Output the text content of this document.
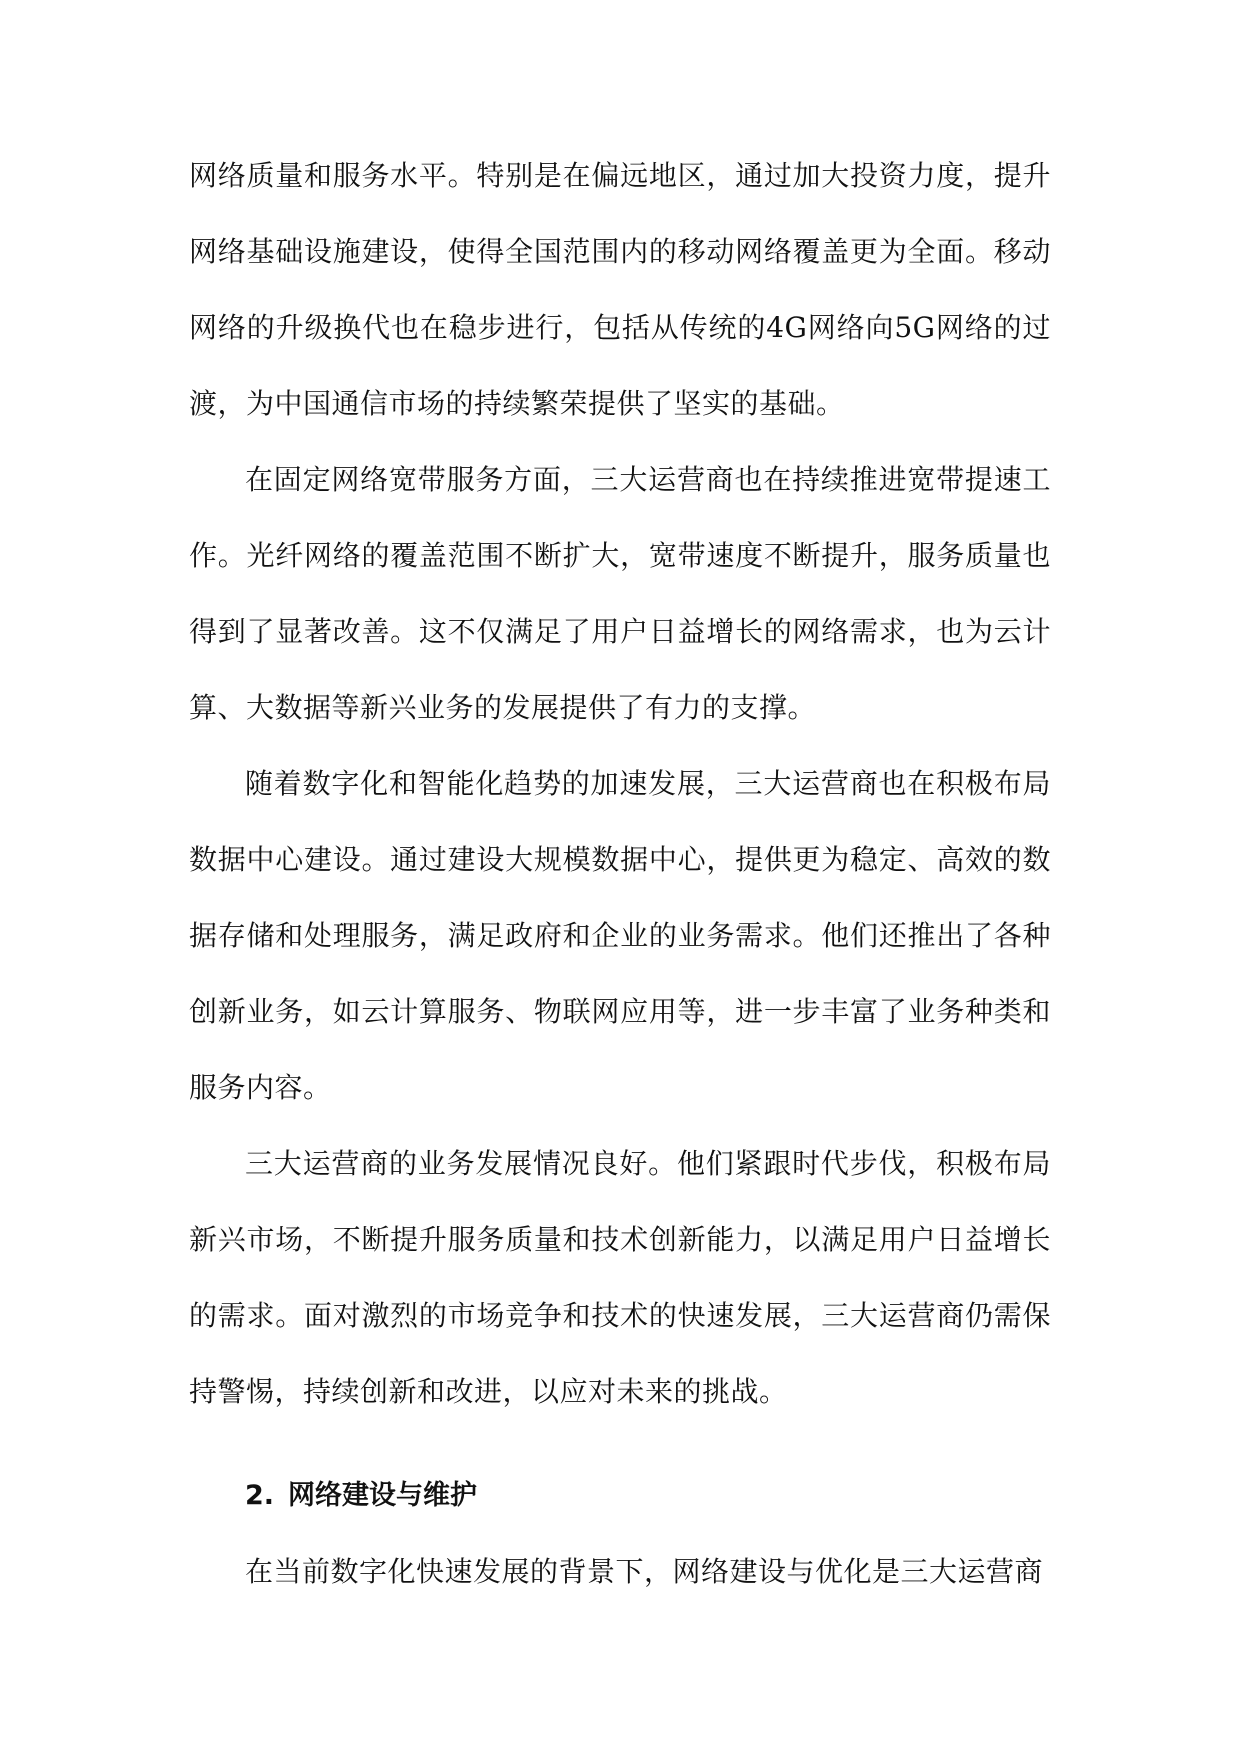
网络质量和服务水平。特别是在偏远地区，通过加大投资力度，提升网络基础设施建设，使得全国范围内的移动网络覆盖更为全面。移动网络的升级换代也在稳步进行，包括从传统的4G网络向5G网络的过渡，为中国通信市场的持续繁荣提供了坚实的基础。

在固定网络宽带服务方面，三大运营商也在持续推进宽带提速工作。光纤网络的覆盖范围不断扩大，宽带速度不断提升，服务质量也得到了显著改善。这不仅满足了用户日益增长的网络需求，也为云计算、大数据等新兴业务的发展提供了有力的支撑。

随着数字化和智能化趋势的加速发展，三大运营商也在积极布局数据中心建设。通过建设大规模数据中心，提供更为稳定、高效的数据存储和处理服务，满足政府和企业的业务需求。他们还推出了各种创新业务，如云计算服务、物联网应用等，进一步丰富了业务种类和服务内容。

三大运营商的业务发展情况良好。他们紧跟时代步伐，积极布局新兴市场，不断提升服务质量和技术创新能力，以满足用户日益增长的需求。面对激烈的市场竞争和技术的快速发展，三大运营商仍需保持警惕，持续创新和改进，以应对未来的挑战。

2. 网络建设与维护

在当前数字化快速发展的背景下，网络建设与优化是三大运营商
